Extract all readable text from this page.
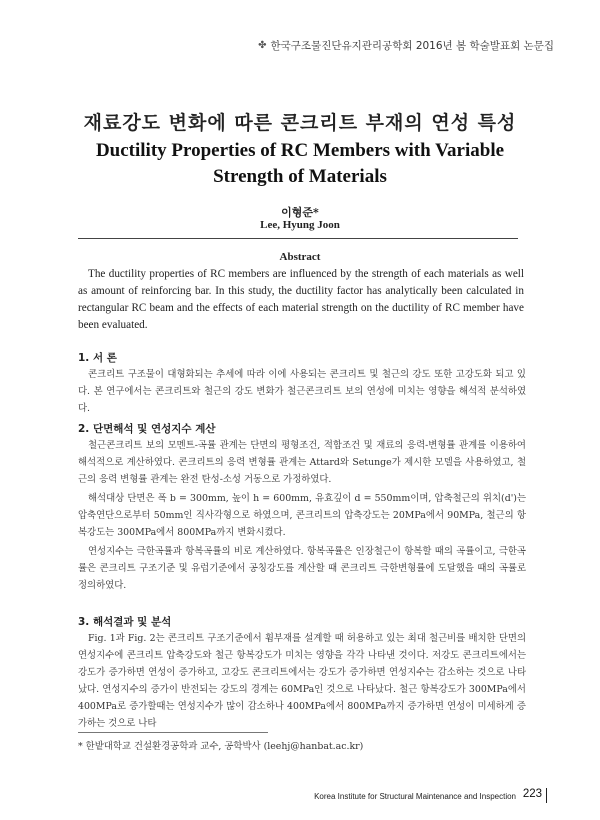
✤ 한국구조물진단유지관리공학회 2016년 봄 학술발표회 논문집
재료강도 변화에 따른 콘크리트 부재의 연성 특성
Ductility Properties of RC Members with Variable Strength of Materials
이형준*
Lee, Hyung Joon
Abstract
The ductility properties of RC members are influenced by the strength of each materials as well as amount of reinforcing bar. In this study, the ductility factor has analytically been calculated in rectangular RC beam and the effects of each material strength on the ductility of RC member have been evaluated.
1. 서 론
콘크리트 구조물이 대형화되는 추세에 따라 이에 사용되는 콘크리트 및 철근의 강도 또한 고강도화 되고 있다. 본 연구에서는 콘크리트와 철근의 강도 변화가 철근콘크리트 보의 연성에 미치는 영향을 해석적 분석하였다.
2. 단면해석 및 연성지수 계산
철근콘크리트 보의 모멘트-곡률 관계는 단면의 평형조건, 적합조건 및 재료의 응력-변형률 관계를 이용하여 해석적으로 계산하였다. 콘크리트의 응력 변형률 관계는 Attard와 Setunge가 제시한 모델을 사용하였고, 철근의 응력 변형률 관계는 완전 탄성-소성 거동으로 가정하였다.
해석대상 단면은 폭 b = 300mm, 높이 h = 600mm, 유효깊이 d = 550mm이며, 압축철근의 위치(d')는 압축연단으로부터 50mm인 직사각형으로 하였으며, 콘크리트의 압축강도는 20MPa에서 90MPa, 철근의 항복강도는 300MPa에서 800MPa까지 변화시켰다.
연성지수는 극한곡률과 항복곡률의 비로 계산하였다. 항복곡률은 인장철근이 항복할 때의 곡률이고, 극한곡률은 콘크리트 구조기준 및 유럽기준에서 공칭강도를 계산할 때 콘크리트 극한변형률에 도달했을 때의 곡률로 정의하였다.
3. 해석결과 및 분석
Fig. 1과 Fig. 2는 콘크리트 구조기준에서 휨부재를 설계할 때 허용하고 있는 최대 철근비를 배치한 단면의 연성지수에 콘크리트 압축강도와 철근 항복강도가 미치는 영향을 각각 나타낸 것이다. 저강도 콘크리트에서는 강도가 증가하면 연성이 증가하고, 고강도 콘크리트에서는 강도가 증가하면 연성지수는 감소하는 것으로 나타났다. 연성지수의 증가이 반전되는 강도의 경계는 60MPa인 것으로 나타났다. 철근 항복강도가 300MPa에서 400MPa로 증가할때는 연성지수가 많이 감소하나 400MPa에서 800MPa까지 증가하면 연성이 미세하게 증가하는 것으로 나타
* 한밭대학교 건설환경공학과 교수, 공학박사 (leehj@hanbat.ac.kr)
Korea Institute for Structural Maintenance and Inspection 223
